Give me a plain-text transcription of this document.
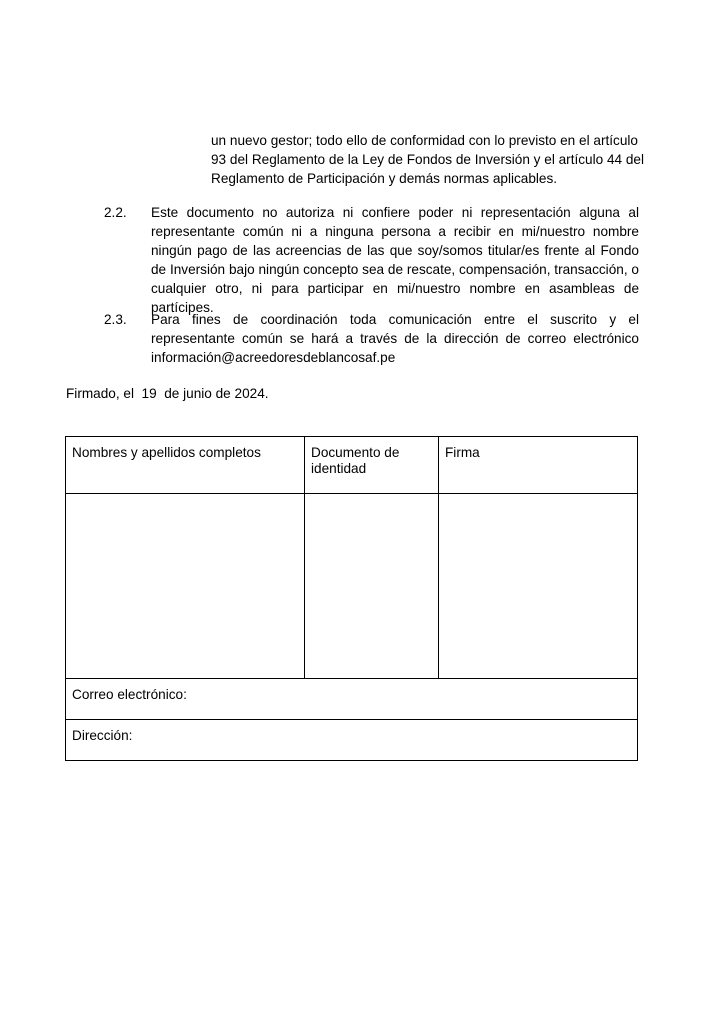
un nuevo gestor; todo ello de conformidad con lo previsto en el artículo
93 del Reglamento de la Ley de Fondos de Inversión y el artículo 44 del
Reglamento de Participación y demás normas aplicables.
2.2. Este documento no autoriza ni confiere poder ni representación alguna al representante común ni a ninguna persona a recibir en mi/nuestro nombre ningún pago de las acreencias de las que soy/somos titular/es frente al Fondo de Inversión bajo ningún concepto sea de rescate, compensación, transacción, o cualquier otro, ni para participar en mi/nuestro nombre en asambleas de partícipes.
2.3. Para fines de coordinación toda comunicación entre el suscrito y el representante común se hará a través de la dirección de correo electrónico información@acreedoresdeblancosaf.pe
Firmado, el  19  de junio de 2024.
Nombres y apellidos completos	Documento de identidad	Firma

Correo electrónico:		

Dirección:		
